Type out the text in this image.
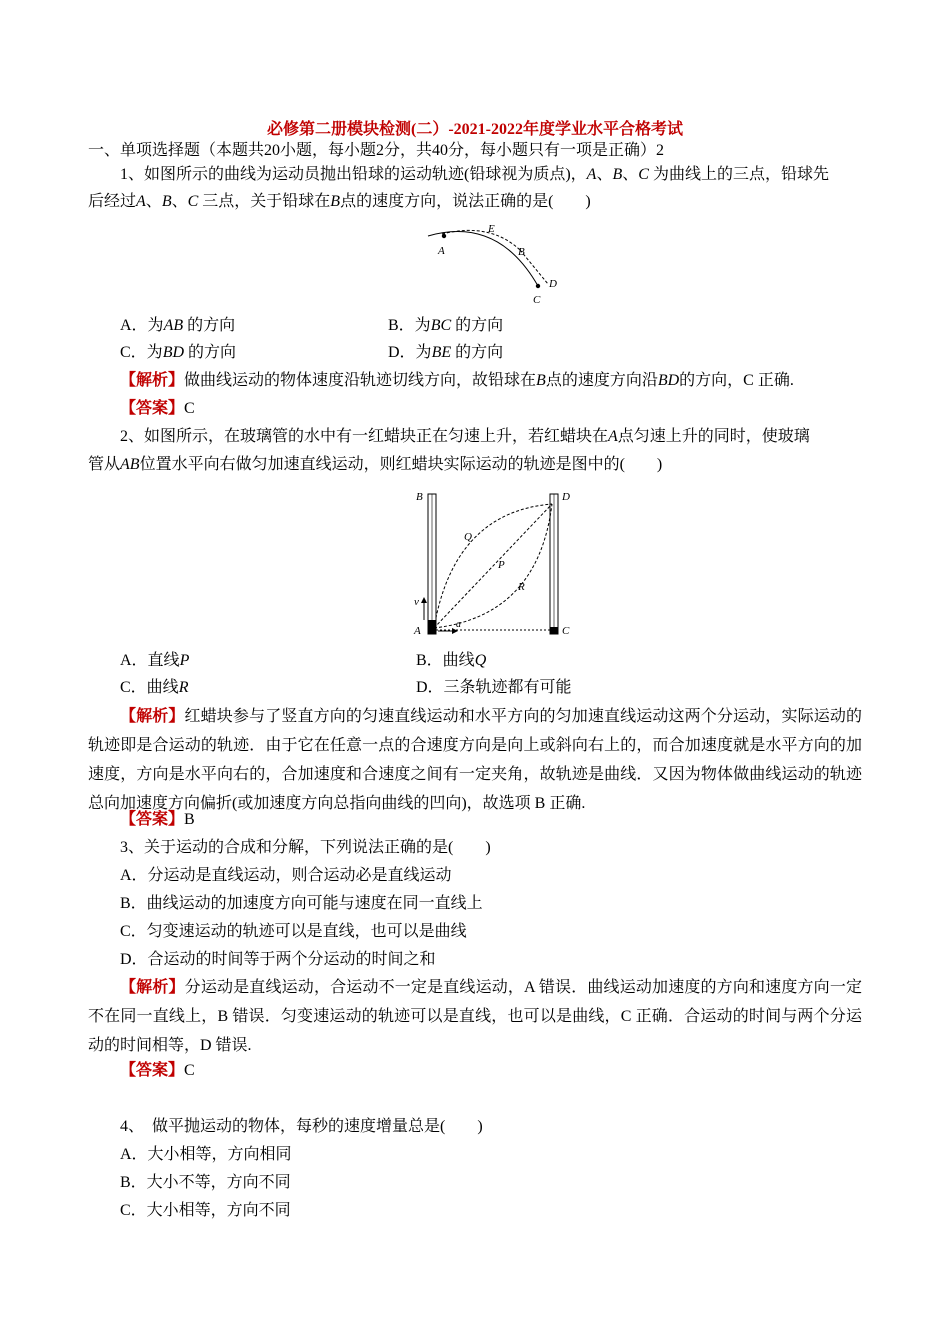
必修第二册模块检测(二）-2021-2022年度学业水平合格考试
一、单项选择题（本题共20小题，每小题2分，共40分，每小题只有一项是正确）2
1、如图所示的曲线为运动员抛出铅球的运动轨迹(铅球视为质点)，A、B、C 为曲线上的三点，铅球先
后经过A、B、C 三点，关于铅球在B点的速度方向，说法正确的是(　　)
A
E
B
D
C
A．为AB 的方向	B．为BC 的方向
C．为BD 的方向	D．为BE 的方向
【解析】做曲线运动的物体速度沿轨迹切线方向，故铅球在B点的速度方向沿BD的方向，C 正确.
【答案】C
2、如图所示，在玻璃管的水中有一红蜡块正在匀速上升，若红蜡块在A点匀速上升的同时，使玻璃
管从AB位置水平向右做匀加速直线运动，则红蜡块实际运动的轨迹是图中的(　　)
B	D
Q
P
R
v
A
a
C
A．直线P	B．曲线Q
C．曲线R	D．三条轨迹都有可能
【解析】红蜡块参与了竖直方向的匀速直线运动和水平方向的匀加速直线运动这两个分运动，实际运动的轨迹即是合运动的轨迹．由于它在任意一点的合速度方向是向上或斜向右上的，而合加速度就是水平方向的加速度，方向是水平向右的，合加速度和合速度之间有一定夹角，故轨迹是曲线．又因为物体做曲线运动的轨迹总向加速度方向偏折(或加速度方向总指向曲线的凹向)，故选项 B 正确.
【答案】B
3、关于运动的合成和分解，下列说法正确的是(　　)
A．分运动是直线运动，则合运动必是直线运动
B．曲线运动的加速度方向可能与速度在同一直线上
C．匀变速运动的轨迹可以是直线，也可以是曲线
D．合运动的时间等于两个分运动的时间之和
【解析】分运动是直线运动，合运动不一定是直线运动，A 错误．曲线运动加速度的方向和速度方向一定不在同一直线上，B 错误．匀变速运动的轨迹可以是直线，也可以是曲线，C 正确．合运动的时间与两个分运动的时间相等，D 错误.
【答案】C
4、　做平抛运动的物体，每秒的速度增量总是(　　)
A．大小相等，方向相同
B．大小不等，方向不同
C．大小相等，方向不同
